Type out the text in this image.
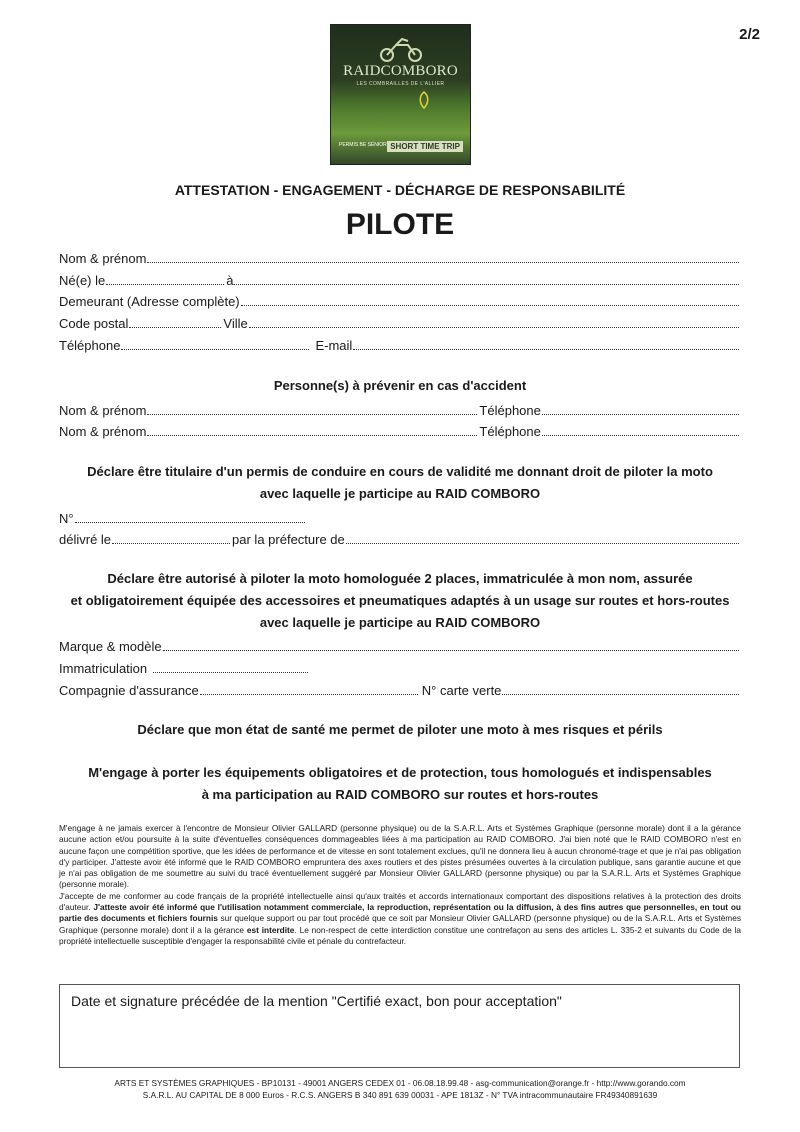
2/2
RAIDCOMBORO
LES COMBRAILLES DE L'ALLIER
PERMIS BE SÉNIOR SHORT TIME TRIP
ATTESTATION - ENGAGEMENT - DÉCHARGE DE RESPONSABILITÉ
PILOTE
Nom & prénom
Né(e) le	à
Demeurant (Adresse complète)
Code postal	Ville
Téléphone	E-mail
Personne(s) à prévenir en cas d'accident
Nom & prénom	Téléphone
Nom & prénom	Téléphone
Déclare être titulaire d'un permis de conduire en cours de validité me donnant droit de piloter la moto
avec laquelle je participe au RAID COMBORO
N°
délivré le	par la préfecture de
Déclare être autorisé à piloter la moto homologuée 2 places, immatriculée à mon nom, assurée
et obligatoirement équipée des accessoires et pneumatiques adaptés à un usage sur routes et hors-routes
avec laquelle je participe au RAID COMBORO
Marque & modèle
Immatriculation
Compagnie d'assurance	N° carte verte
Déclare que mon état de santé me permet de piloter une moto à mes risques et périls
M'engage à porter les équipements obligatoires et de protection, tous homologués et indispensables
à ma participation au RAID COMBORO sur routes et hors-routes

M'engage à ne jamais exercer à l'encontre de Monsieur Olivier GALLARD (personne physique) ou de la S.A.R.L. Arts et Systèmes Graphique (personne morale) dont il a la gérance aucune action et/ou poursuite à la suite d'éventuelles conséquences dommageables liées à ma participation au RAID COMBORO. J'ai bien noté que le RAID COMBORO n'est en aucune façon une compétition sportive, que les idées de performance et de vitesse en sont totalement exclues, qu'il ne donnera lieu à aucun chronomé-trage et que je n'ai pas obligation d'y participer. J'atteste avoir été informé que le RAID COMBORO empruntera des axes routiers et des pistes présumées ouvertes à la circulation publique, sans garantie aucune et que je n'ai pas obligation de me soumettre au suivi du tracé éventuellement suggéré par Monsieur Olivier GALLARD (personne physique) ou par la S.A.R.L. Arts et Systèmes Graphique (personne morale).

J'accepte de me conformer au code français de la propriété intellectuelle ainsi qu'aux traités et accords internationaux comportant des dispositions relatives à la protection des droits d'auteur. J'atteste avoir été informé que l'utilisation notamment commerciale, la reproduction, représentation ou la diffusion, à des fins autres que personnelles, en tout ou partie des documents et fichiers fournis sur quelque support ou par tout procédé que ce soit par Monsieur Olivier GALLARD (personne physique) ou de la S.A.R.L. Arts et Systèmes Graphique (personne morale) dont il a la gérance est interdite. Le non-respect de cette interdiction constitue une contrefaçon au sens des articles L. 335-2 et suivants du Code de la propriété intellectuelle susceptible d'engager la responsabilité civile et pénale du contrefacteur.

Date et signature précédée de la mention "Certifié exact, bon pour acceptation"
ARTS ET SYSTÈMES GRAPHIQUES - BP10131 - 49001 ANGERS CEDEX 01 - 06.08.18.99.48 - asg-communication@orange.fr - http://www.gorando.com
S.A.R.L. AU CAPITAL DE 8 000 Euros - R.C.S. ANGERS B 340 891 639 00031 - APE 1813Z - N° TVA intracommunautaire FR49340891639
